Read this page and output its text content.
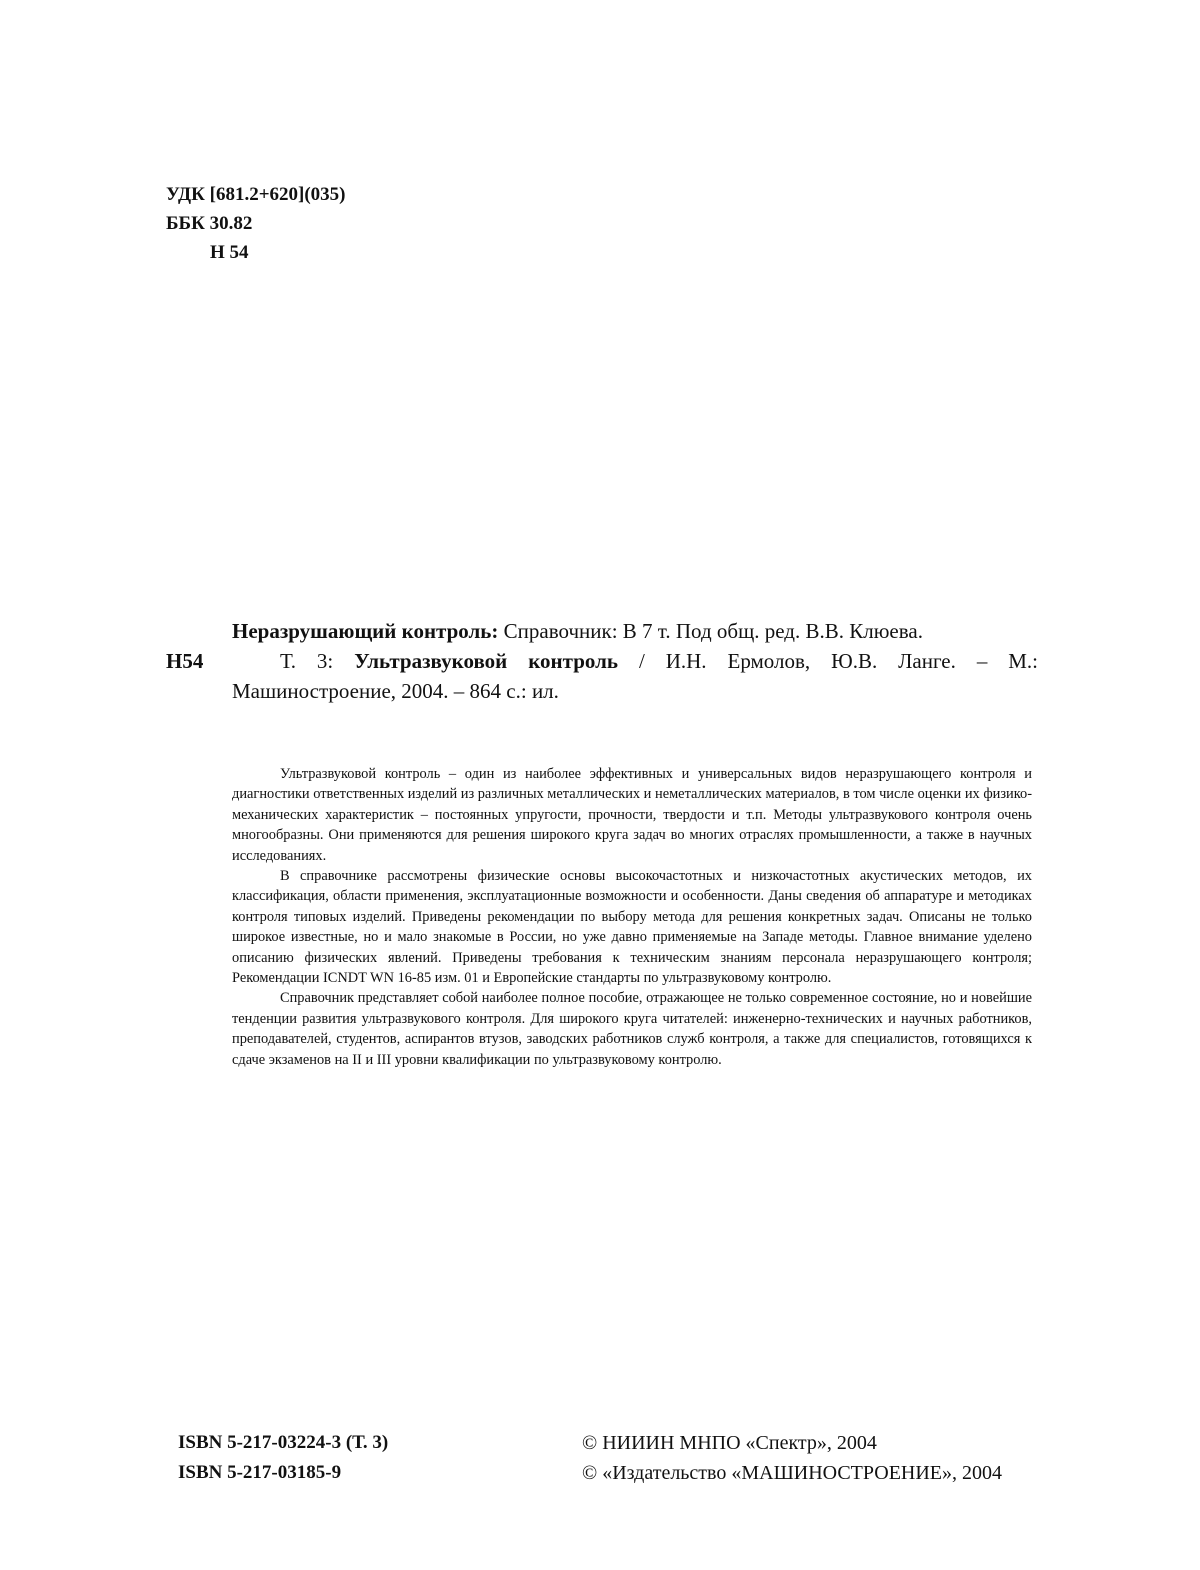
УДК [681.2+620](035)
ББК 30.82
Н 54
Н54

Неразрушающий контроль: Справочник: В 7 т. Под общ. ред. В.В. Клюева.

Т. 3: Ультразвуковой контроль / И.Н. Ермолов, Ю.В. Ланге. – М.: Машиностроение, 2004. – 864 с.: ил.

Ультразвуковой контроль – один из наиболее эффективных и универсальных видов неразрушающего контроля и диагностики ответственных изделий из различных металлических и неметаллических материалов, в том числе оценки их физико-механических характеристик – постоянных упругости, прочности, твердости и т.п. Методы ультразвукового контроля очень многообразны. Они применяются для решения широкого круга задач во многих отраслях промышленности, а также в научных исследованиях.

В справочнике рассмотрены физические основы высокочастотных и низкочастотных акустических методов, их классификация, области применения, эксплуатационные возможности и особенности. Даны сведения об аппаратуре и методиках контроля типовых изделий. Приведены рекомендации по выбору метода для решения конкретных задач. Описаны не только широкое известные, но и мало знакомые в России, но уже давно применяемые на Западе методы. Главное внимание уделено описанию физических явлений. Приведены требования к техническим знаниям персонала неразрушающего контроля; Рекомендации ICNDT WN 16-85 изм. 01 и Европейские стандарты по ультразвуковому контролю.

Справочник представляет собой наиболее полное пособие, отражающее не только современное состояние, но и новейшие тенденции развития ультразвукового контроля. Для широкого круга читателей: инженерно-технических и научных работников, преподавателей, студентов, аспирантов втузов, заводских работников служб контроля, а также для специалистов, готовящихся к сдаче экзаменов на II и III уровни квалификации по ультразвуковому контролю.

ISBN 5-217-03224-3 (Т. 3)
ISBN 5-217-03185-9
© НИИИН МНПО «Спектр», 2004
© «Издательство «МАШИНОСТРОЕНИЕ», 2004
